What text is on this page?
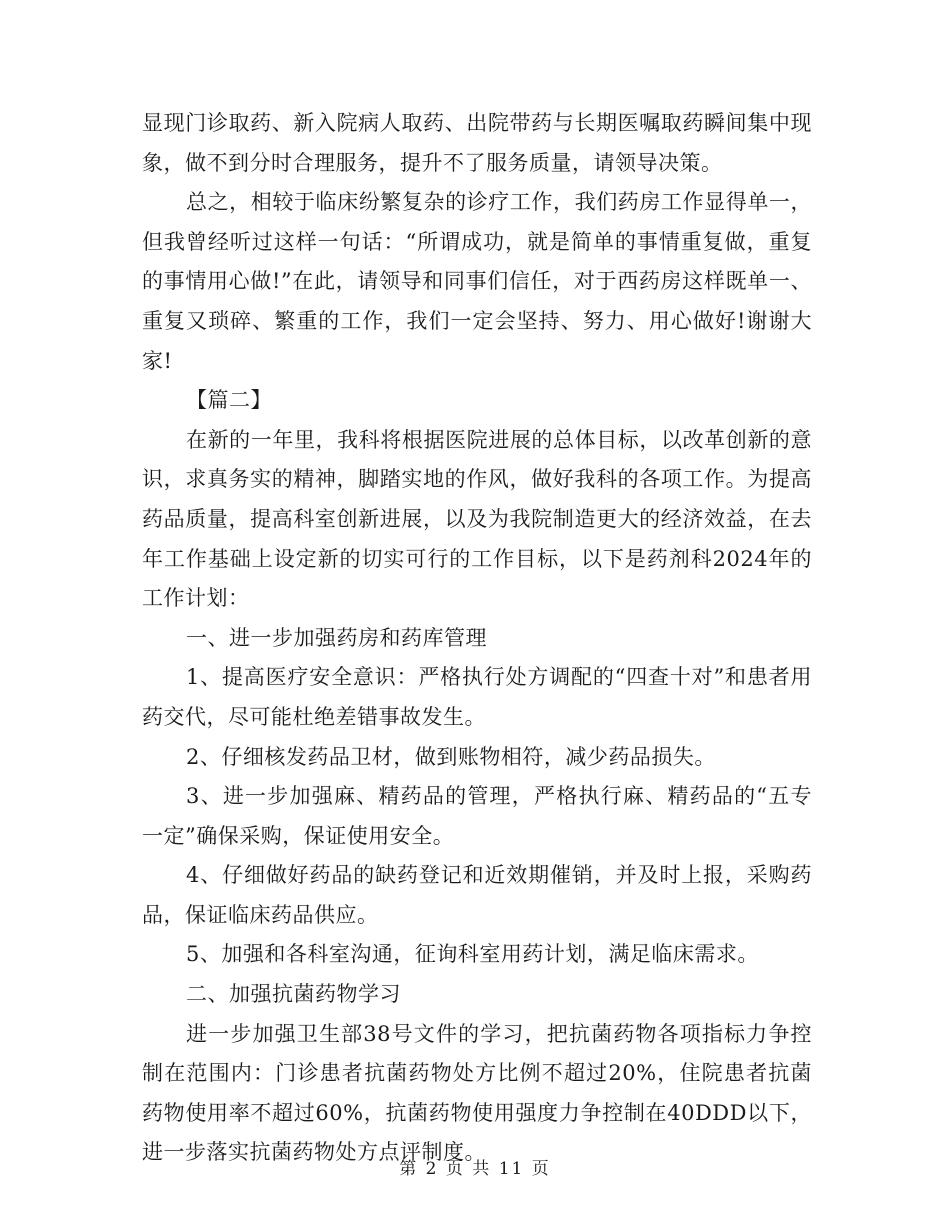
显现门诊取药、新入院病人取药、出院带药与长期医嘱取药瞬间集中现象，做不到分时合理服务，提升不了服务质量，请领导决策。

总之，相较于临床纷繁复杂的诊疗工作，我们药房工作显得单一，但我曾经听过这样一句话：“所谓成功，就是简单的事情重复做，重复的事情用心做!”在此，请领导和同事们信任，对于西药房这样既单一、重复又琐碎、繁重的工作，我们一定会坚持、努力、用心做好!谢谢大家!

【篇二】

在新的一年里，我科将根据医院进展的总体目标，以改革创新的意识，求真务实的精神，脚踏实地的作风，做好我科的各项工作。为提高药品质量，提高科室创新进展，以及为我院制造更大的经济效益，在去年工作基础上设定新的切实可行的工作目标，以下是药剂科2024年的工作计划：

一、进一步加强药房和药库管理

1、提高医疗安全意识：严格执行处方调配的“四查十对”和患者用药交代，尽可能杜绝差错事故发生。

2、仔细核发药品卫材，做到账物相符，减少药品损失。

3、进一步加强麻、精药品的管理，严格执行麻、精药品的“五专一定”确保采购，保证使用安全。

4、仔细做好药品的缺药登记和近效期催销，并及时上报，采购药品，保证临床药品供应。

5、加强和各科室沟通，征询科室用药计划，满足临床需求。

二、加强抗菌药物学习

进一步加强卫生部38号文件的学习，把抗菌药物各项指标力争控制在范围内：门诊患者抗菌药物处方比例不超过20%，住院患者抗菌药物使用率不超过60%，抗菌药物使用强度力争控制在40DDD以下，进一步落实抗菌药物处方点评制度。

第 2 页 共 11 页
